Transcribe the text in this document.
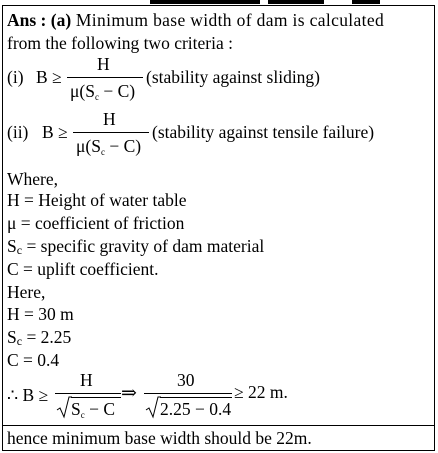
Ans : (a) Minimum base width of dam is calculated
from the following two criteria :
(i) B ≥
H
$\mu(S_c - C)$
(stability against sliding)
(ii) B ≥
H
$\mu(S_c - C)$
(stability against tensile failure)
Where,
H = Height of water table
μ = coefficient of friction
Sc = specific gravity of dam material
C = uplift coefficient.
Here,
H = 30 m
Sc = 2.25
C = 0.4
∴ B ≥
H
$S_c - C$
⇒
30
2.25 − 0.4
≥ 22 m.
hence minimum base width should be 22m.
